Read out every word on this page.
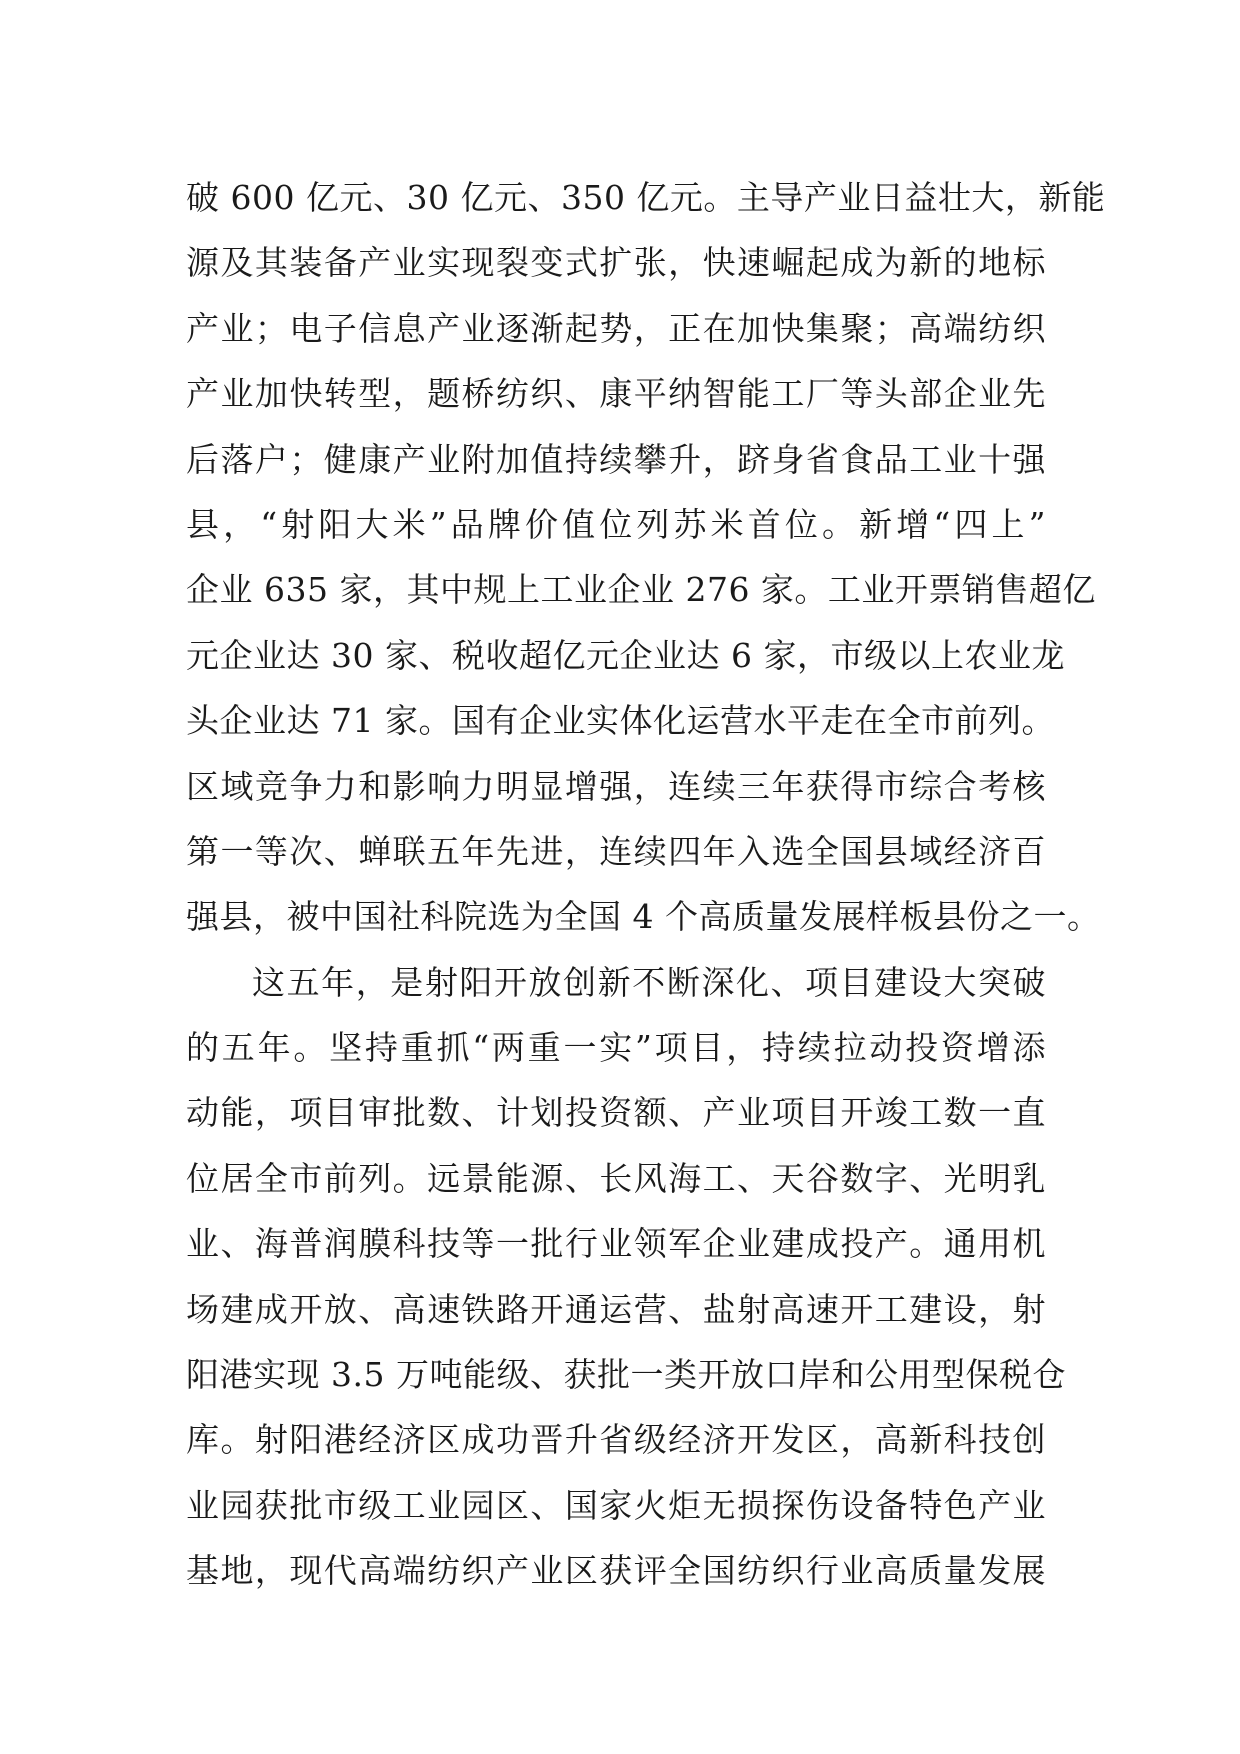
破 600 亿元、30 亿元、350 亿元。主导产业日益壮大，新能
源及其装备产业实现裂变式扩张，快速崛起成为新的地标
产业；电子信息产业逐渐起势，正在加快集聚；高端纺织
产业加快转型，题桥纺织、康平纳智能工厂等头部企业先
后落户；健康产业附加值持续攀升，跻身省食品工业十强
县，“射阳大米”品牌价值位列苏米首位。新增“四上”
企业 635 家，其中规上工业企业 276 家。工业开票销售超亿
元企业达 30 家、税收超亿元企业达 6 家，市级以上农业龙
头企业达 71 家。国有企业实体化运营水平走在全市前列。
区域竞争力和影响力明显增强，连续三年获得市综合考核
第一等次、蝉联五年先进，连续四年入选全国县域经济百
强县，被中国社科院选为全国 4 个高质量发展样板县份之一。
这五年，是射阳开放创新不断深化、项目建设大突破
的五年。坚持重抓“两重一实”项目，持续拉动投资增添
动能，项目审批数、计划投资额、产业项目开竣工数一直
位居全市前列。远景能源、长风海工、天谷数字、光明乳
业、海普润膜科技等一批行业领军企业建成投产。通用机
场建成开放、高速铁路开通运营、盐射高速开工建设，射
阳港实现 3.5 万吨能级、获批一类开放口岸和公用型保税仓
库。射阳港经济区成功晋升省级经济开发区，高新科技创
业园获批市级工业园区、国家火炬无损探伤设备特色产业
基地，现代高端纺织产业区获评全国纺织行业高质量发展
